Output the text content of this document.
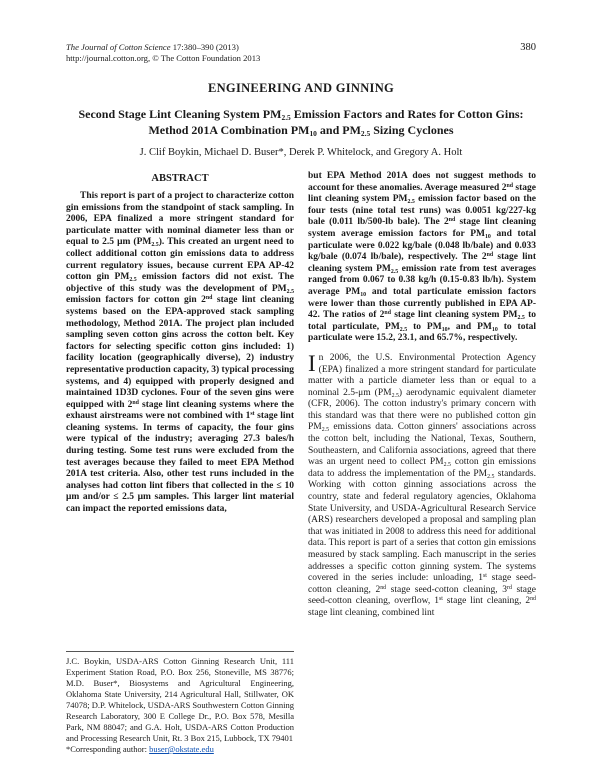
The Journal of Cotton Science 17:380–390 (2013)
http://journal.cotton.org, © The Cotton Foundation 2013
380
ENGINEERING AND GINNING
Second Stage Lint Cleaning System $PM_{2.5}$ Emission Factors and Rates for Cotton Gins: Method 201A Combination $PM_{10}$ and $PM_{2.5}$ Sizing Cyclones
J. Clif Boykin, Michael D. Buser*, Derek P. Whitelock, and Gregory A. Holt
ABSTRACT

This report is part of a project to characterize cotton gin emissions from the standpoint of stack sampling. In 2006, EPA finalized a more stringent standard for particulate matter with nominal diameter less than or equal to 2.5 μm $(PM_{2.5})$. This created an urgent need to collect additional cotton gin emissions data to address current regulatory issues, because current EPA AP-42 cotton gin $PM_{2.5}$ emission factors did not exist. The objective of this study was the development of $PM_{2.5}$ emission factors for cotton gin 2nd stage lint cleaning systems based on the EPA-approved stack sampling methodology, Method 201A. The project plan included sampling seven cotton gins across the cotton belt. Key factors for selecting specific cotton gins included: 1) facility location (geographically diverse), 2) industry representative production capacity, 3) typical processing systems, and 4) equipped with properly designed and maintained 1D3D cyclones. Four of the seven gins were equipped with 2nd stage lint cleaning systems where the exhaust airstreams were not combined with 1st stage lint cleaning systems. In terms of capacity, the four gins were typical of the industry; averaging 27.3 bales/h during testing. Some test runs were excluded from the test averages because they failed to meet EPA Method 201A test criteria. Also, other test runs included in the analyses had cotton lint fibers that collected in the ≤ 10 μm and/or ≤ 2.5 μm samples. This larger lint material can impact the reported emissions data,

J.C. Boykin, USDA-ARS Cotton Ginning Research Unit, 111 Experiment Station Road, P.O. Box 256, Stoneville, MS 38776; M.D. Buser*, Biosystems and Agricultural Engineering, Oklahoma State University, 214 Agricultural Hall, Stillwater, OK 74078; D.P. Whitelock, USDA-ARS Southwestern Cotton Ginning Research Laboratory, 300 E College Dr., P.O. Box 578, Mesilla Park, NM 88047; and G.A. Holt, USDA-ARS Cotton Production and Processing Research Unit, Rt. 3 Box 215, Lubbock, TX 79401

*Corresponding author: buser@okstate.edu

but EPA Method 201A does not suggest methods to account for these anomalies. Average measured 2nd stage lint cleaning system $PM_{2.5}$ emission factor based on the four tests (nine total test runs) was 0.0051 kg/227-kg bale (0.011 lb/500-lb bale). The 2nd stage lint cleaning system average emission factors for $PM_{10}$ and total particulate were 0.022 kg/bale (0.048 lb/bale) and 0.033 kg/bale (0.074 lb/bale), respectively. The 2nd stage lint cleaning system $PM_{2.5}$ emission rate from test averages ranged from 0.067 to 0.38 kg/h (0.15-0.83 lb/h). System average $PM_{10}$ and total particulate emission factors were lower than those currently published in EPA AP-42. The ratios of 2nd stage lint cleaning system $PM_{2.5}$ to total particulate, $PM_{2.5}$ to $PM_{10}$, and $PM_{10}$ to total particulate were 15.2, 23.1, and 65.7%, respectively.

In 2006, the U.S. Environmental Protection Agency (EPA) finalized a more stringent standard for particulate matter with a particle diameter less than or equal to a nominal 2.5-μm $(PM_{2.5})$ aerodynamic equivalent diameter (CFR, 2006). The cotton industry's primary concern with this standard was that there were no published cotton gin $PM_{2.5}$ emissions data. Cotton ginners' associations across the cotton belt, including the National, Texas, Southern, Southeastern, and California associations, agreed that there was an urgent need to collect $PM_{2.5}$ cotton gin emissions data to address the implementation of the $PM_{2.5}$ standards. Working with cotton ginning associations across the country, state and federal regulatory agencies, Oklahoma State University, and USDA-Agricultural Research Service (ARS) researchers developed a proposal and sampling plan that was initiated in 2008 to address this need for additional data. This report is part of a series that cotton gin emissions measured by stack sampling. Each manuscript in the series addresses a specific cotton ginning system. The systems covered in the series include: unloading, 1st stage seed-cotton cleaning, 2nd stage seed-cotton cleaning, 3rd stage seed-cotton cleaning, overflow, 1st stage lint cleaning, 2nd stage lint cleaning, combined lint
